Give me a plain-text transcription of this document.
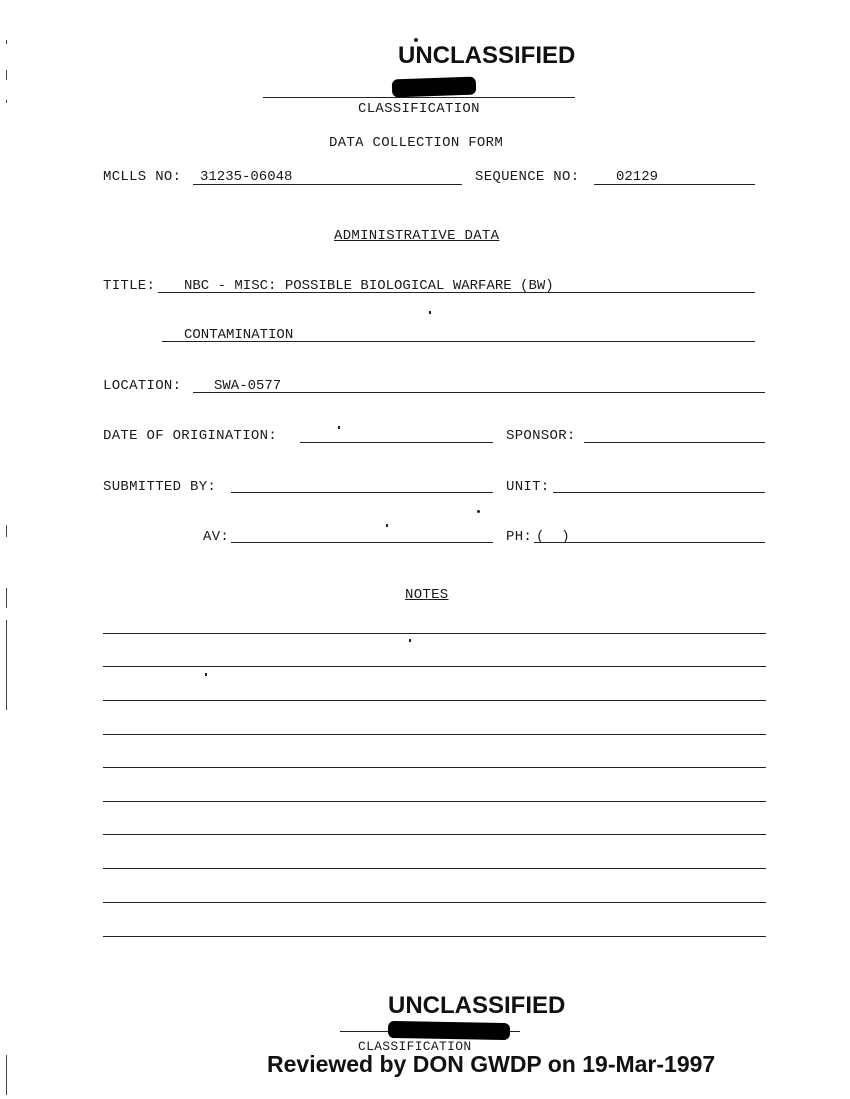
UNCLASSIFIED
CLASSIFICATION
DATA COLLECTION FORM
MCLLS NO: 31235-06048	SEQUENCE NO:	02129
ADMINISTRATIVE DATA
TITLE: NBC - MISC: POSSIBLE BIOLOGICAL WARFARE (BW)
CONTAMINATION
LOCATION: SWA-0577
DATE OF ORIGINATION:	SPONSOR:
SUBMITTED BY:	UNIT:
AV:	PH: (  )
NOTES
UNCLASSIFIED
CLASSIFICATION
Reviewed by DON GWDP on 19-Mar-1997
